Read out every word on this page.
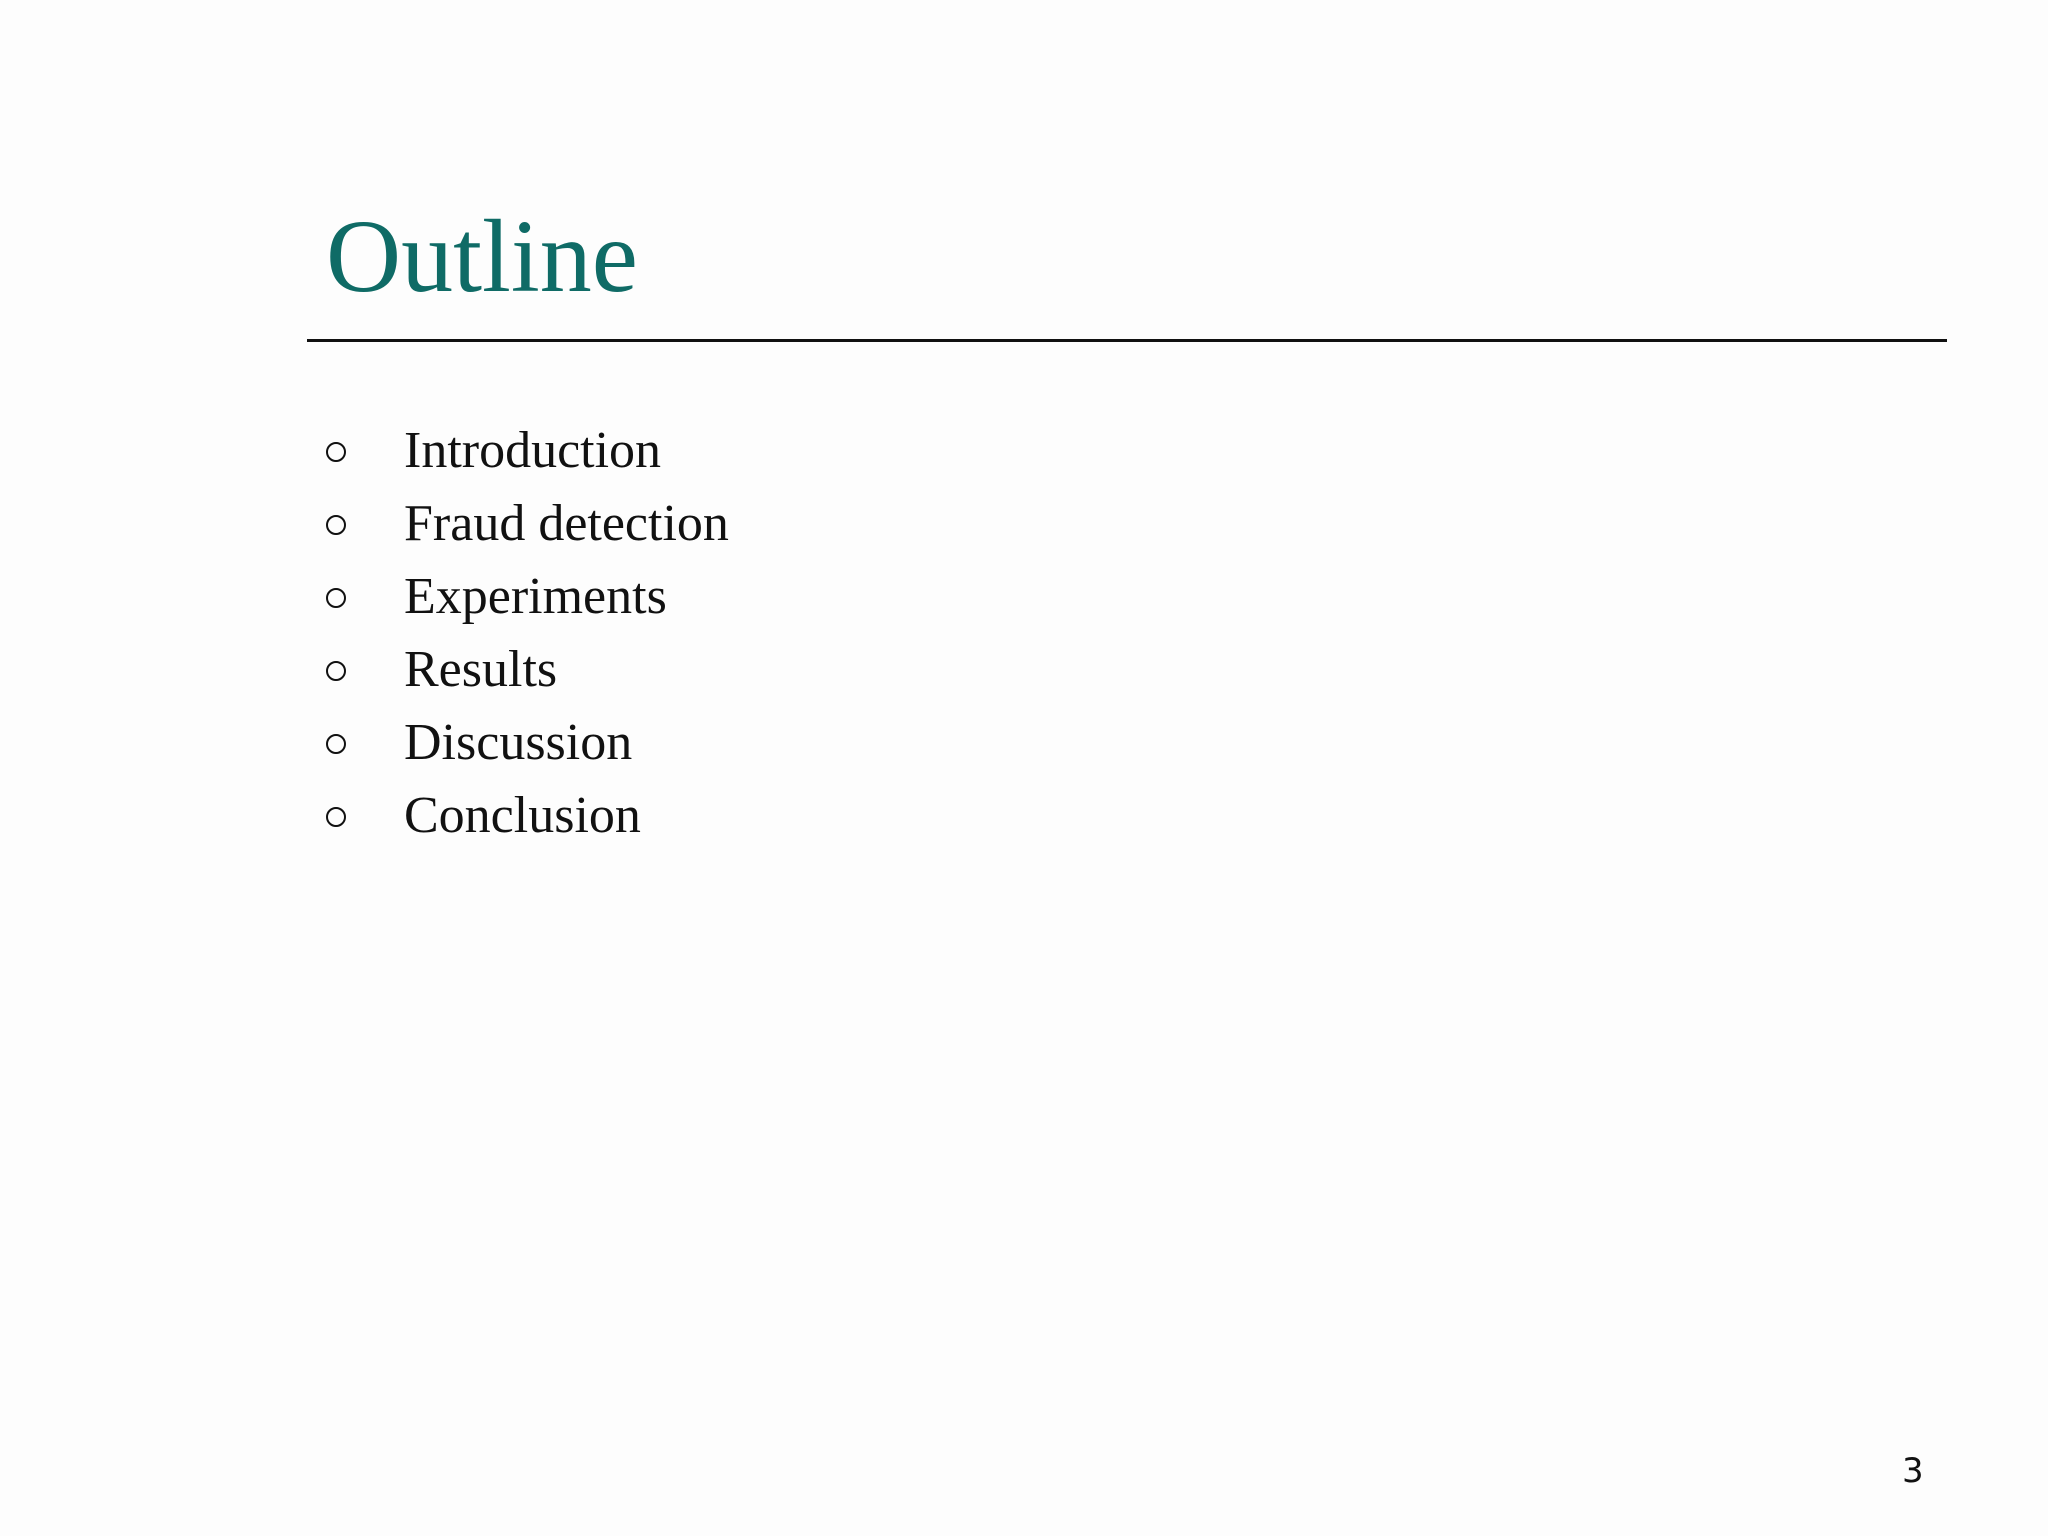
Outline
Introduction
Fraud detection
Experiments
Results
Discussion
Conclusion
3
